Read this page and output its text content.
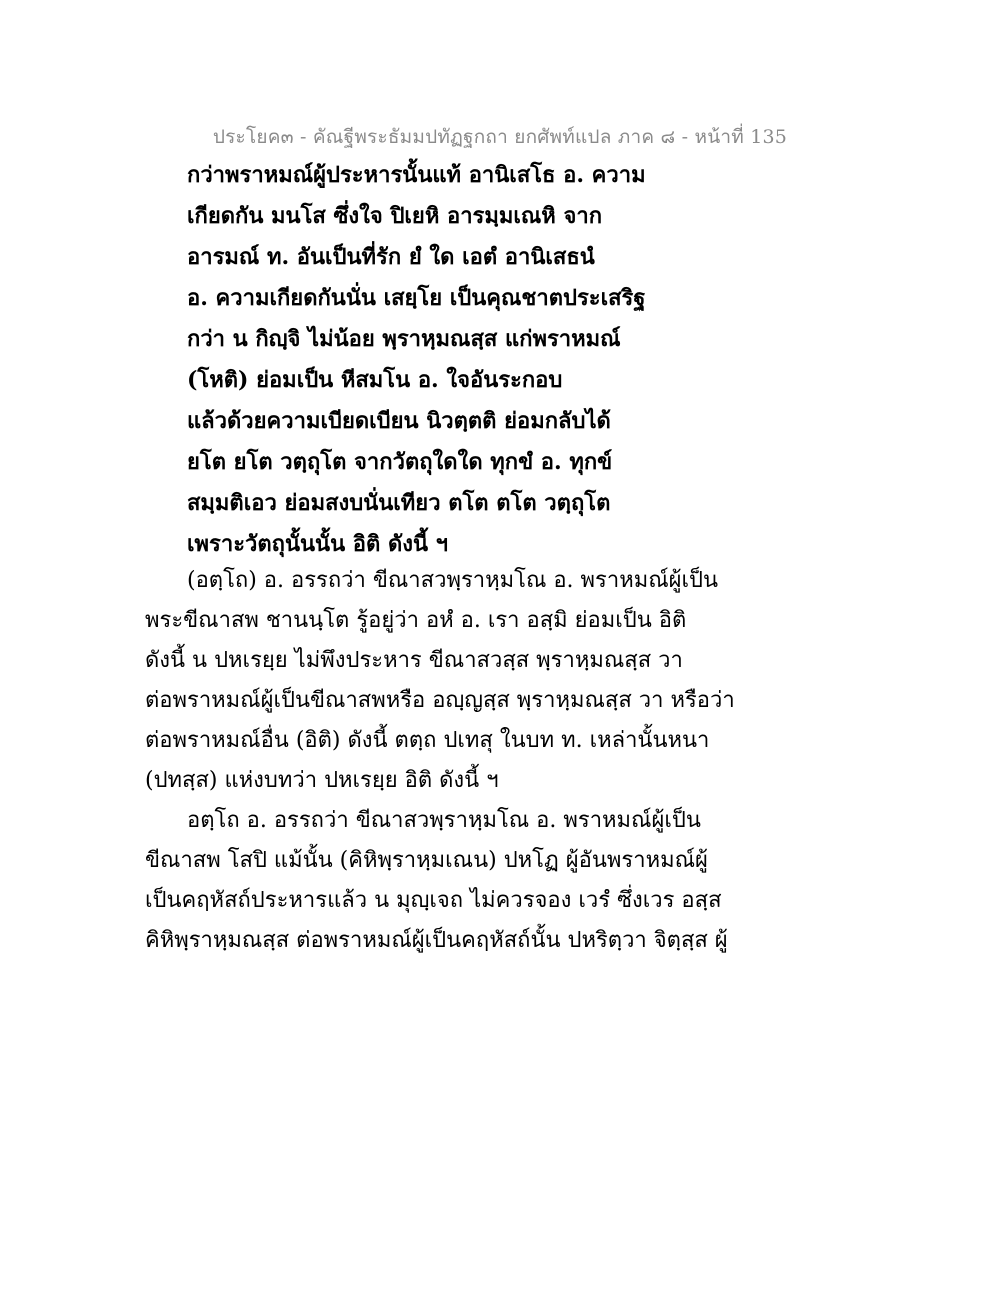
ประโยค๓ - คัณฐีพระธัมมปทัฏฐกถา ยกศัพท์แปล ภาค ๘ - หน้าที่ 135
กว่าพราหมณ์ผู้ประหารนั้นแท้ อานิเสโธ อ. ความ
เกียดกัน มนโส ซึ่งใจ ปิเยหิ อารมฺมเณหิ จาก
อารมณ์ ท. อันเป็นที่รัก ยํ ใด เอตํ อานิเสธนํ
อ. ความเกียดกันนั่น เสยฺโย เป็นคุณชาตประเสริฐ
กว่า น กิญฺจิ ไม่น้อย พฺราหฺมณสฺส แก่พราหมณ์
(โหติ) ย่อมเป็น หีสมโน อ. ใจอันระกอบ
แล้วด้วยความเบียดเบียน นิวตฺตติ ย่อมกลับได้
ยโต ยโต วตฺถุโต จากวัตถุใดใด ทุกขํ อ. ทุกข์
สมฺมติเอว ย่อมสงบนั่นเทียว ตโต ตโต วตฺถุโต
เพราะวัตถุนั้นนั้น อิติ ดังนี้ ฯ
(อตฺโถ) อ. อรรถว่า ขีณาสวพฺราหฺมโณ อ. พราหมณ์ผู้เป็น
พระขีณาสพ ชานนฺโต รู้อยู่ว่า อหํ อ. เรา อสฺมิ ย่อมเป็น อิติ
ดังนี้ น ปหเรยฺย ไม่พึงประหาร ขีณาสวสฺส พฺราหฺมณสฺส วา
ต่อพราหมณ์ผู้เป็นขีณาสพหรือ อญฺญสฺส พฺราหฺมณสฺส วา หรือว่า
ต่อพราหมณ์อื่น (อิติ) ดังนี้ ตตฺถ ปเทสุ ในบท ท. เหล่านั้นหนา
(ปทสฺส) แห่งบทว่า ปหเรยฺย อิติ ดังนี้ ฯ
อตฺโถ อ. อรรถว่า ขีณาสวพฺราหฺมโณ อ. พราหมณ์ผู้เป็น
ขีณาสพ โสปิ แม้นั้น (คิหิพฺราหฺมเณน) ปหโฏ ผู้อันพราหมณ์ผู้
เป็นคฤหัสถ์ประหารแล้ว น มุญฺเจถ ไม่ควรจอง เวรํ ซึ่งเวร อสฺส
คิหิพฺราหฺมณสฺส ต่อพราหมณ์ผู้เป็นคฤหัสถ์นั้น ปหริตฺวา จิตฺสฺส ผู้
